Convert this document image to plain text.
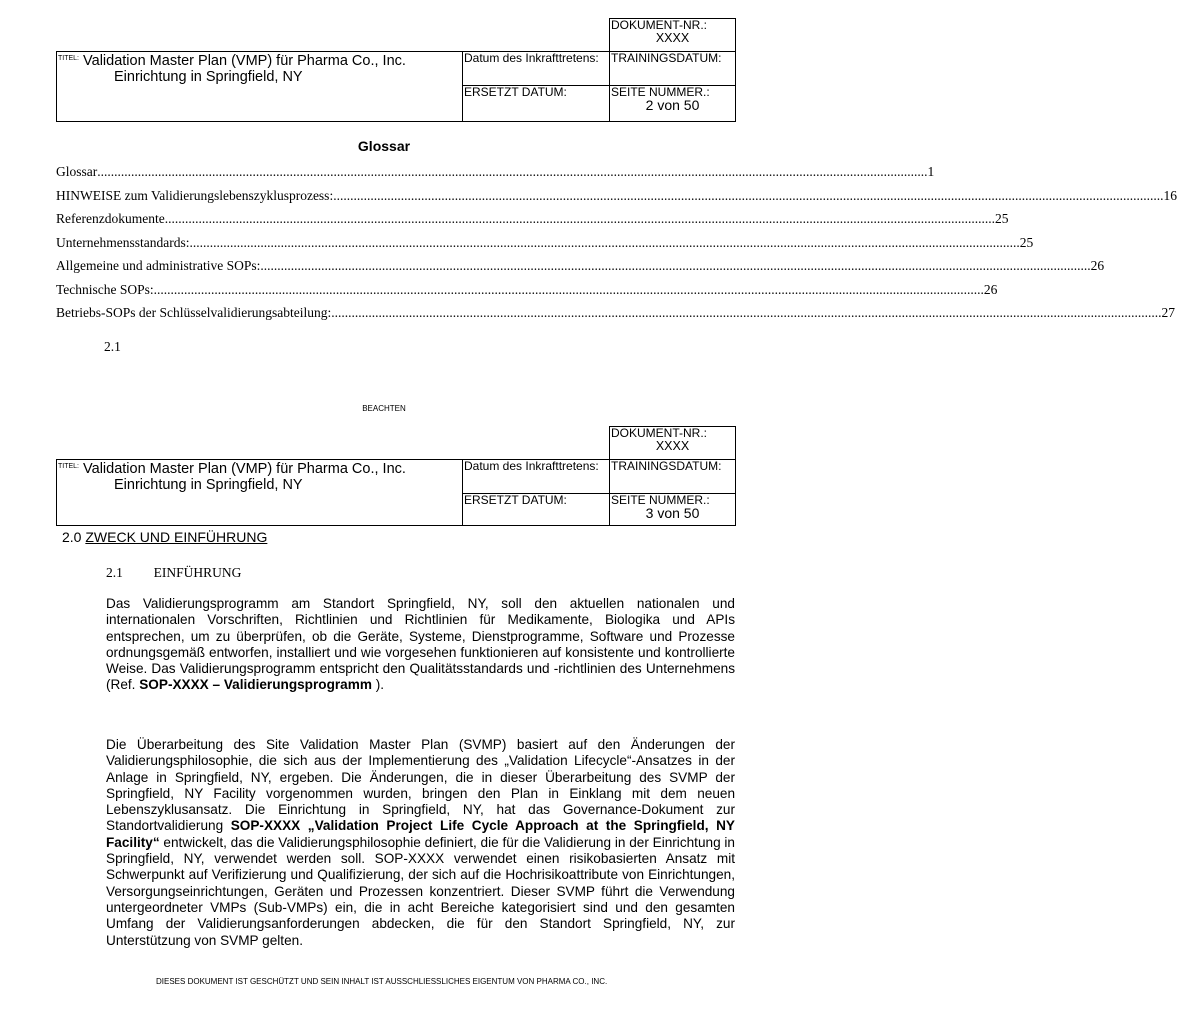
		DOKUMENT-NR.:
XXXX

$^{TITEL:}$ Validation Master Plan (VMP) für Pharma Co., Inc.
Einrichtung in Springfield, NY	Datum des Inkrafttretens:	TRAININGSDATUM:
	ERSETZT DATUM:	SEITE NUMMER.:
2 von 50
Glossar
Glossar ...................................................................................................................................................................................................................................................... 1
HINWEISE zum Validierungslebenszyklusprozess: ...................................................................................................................................................................................................................................................... 16
Referenzdokumente ...................................................................................................................................................................................................................................................... 25
Unternehmensstandards: ...................................................................................................................................................................................................................................................... 25
Allgemeine und administrative SOPs: ...................................................................................................................................................................................................................................................... 26
Technische SOPs: ...................................................................................................................................................................................................................................................... 26
Betriebs-SOPs der Schlüsselvalidierungsabteilung: ...................................................................................................................................................................................................................................................... 27
2.1
BEACHTEN

		DOKUMENT-NR.:
XXXX

$^{TITEL:}$ Validation Master Plan (VMP) für Pharma Co., Inc.
Einrichtung in Springfield, NY	Datum des Inkrafttretens:	TRAININGSDATUM:
	ERSETZT DATUM:	SEITE NUMMER.:
3 von 50
2.0 ZWECK UND EINFÜHRUNG
2.1 EINFÜHRUNG
Das Validierungsprogramm am Standort Springfield, NY, soll den aktuellen nationalen und internationalen Vorschriften, Richtlinien und Richtlinien für Medikamente, Biologika und APIs entsprechen, um zu überprüfen, ob die Geräte, Systeme, Dienstprogramme, Software und Prozesse ordnungsgemäß entworfen, installiert und wie vorgesehen funktionieren auf konsistente und kontrollierte Weise. Das Validierungsprogramm entspricht den Qualitätsstandards und -richtlinien des Unternehmens (Ref. SOP-XXXX – Validierungsprogramm ).
Die Überarbeitung des Site Validation Master Plan (SVMP) basiert auf den Änderungen der Validierungsphilosophie, die sich aus der Implementierung des „Validation Lifecycle“-Ansatzes in der Anlage in Springfield, NY, ergeben. Die Änderungen, die in dieser Überarbeitung des SVMP der Springfield, NY Facility vorgenommen wurden, bringen den Plan in Einklang mit dem neuen Lebenszyklusansatz. Die Einrichtung in Springfield, NY, hat das Governance-Dokument zur Standortvalidierung SOP-XXXX „Validation Project Life Cycle Approach at the Springfield, NY Facility“ entwickelt, das die Validierungsphilosophie definiert, die für die Validierung in der Einrichtung in Springfield, NY, verwendet werden soll. SOP-XXXX verwendet einen risikobasierten Ansatz mit Schwerpunkt auf Verifizierung und Qualifizierung, der sich auf die Hochrisikoattribute von Einrichtungen, Versorgungseinrichtungen, Geräten und Prozessen konzentriert. Dieser SVMP führt die Verwendung untergeordneter VMPs (Sub-VMPs) ein, die in acht Bereiche kategorisiert sind und den gesamten Umfang der Validierungsanforderungen abdecken, die für den Standort Springfield, NY, zur Unterstützung von SVMP gelten.
DIESES DOKUMENT IST GESCHÜTZT UND SEIN INHALT IST AUSSCHLIESSLICHES EIGENTUM VON PHARMA CO., INC.
